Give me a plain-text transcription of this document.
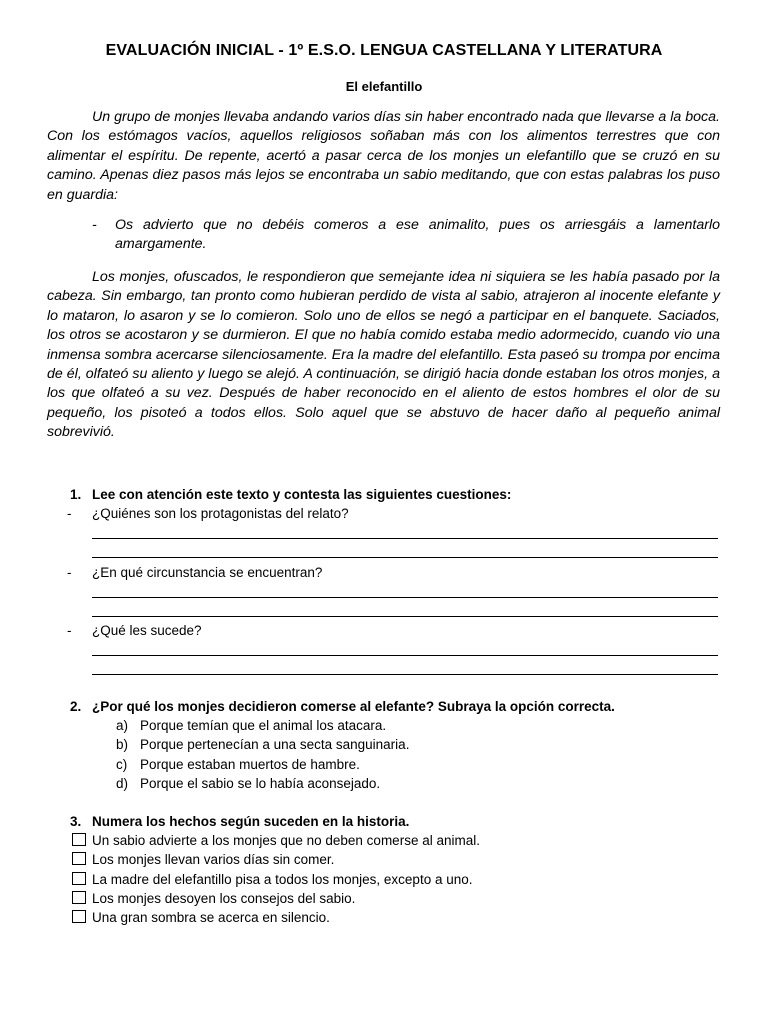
EVALUACIÓN INICIAL - 1º E.S.O. LENGUA CASTELLANA Y LITERATURA
El elefantillo
Un grupo de monjes llevaba andando varios días sin haber encontrado nada que llevarse a la boca. Con los estómagos vacíos, aquellos religiosos soñaban más con los alimentos terrestres que con alimentar el espíritu. De repente, acertó a pasar cerca de los monjes un elefantillo que se cruzó en su camino. Apenas diez pasos más lejos se encontraba un sabio meditando, que con estas palabras los puso en guardia:
- Os advierto que no debéis comeros a ese animalito, pues os arriesgáis a lamentarlo amargamente.
Los monjes, ofuscados, le respondieron que semejante idea ni siquiera se les había pasado por la cabeza. Sin embargo, tan pronto como hubieran perdido de vista al sabio, atrajeron al inocente elefante y lo mataron, lo asaron y se lo comieron. Solo uno de ellos se negó a participar en el banquete. Saciados, los otros se acostaron y se durmieron. El que no había comido estaba medio adormecido, cuando vio una inmensa sombra acercarse silenciosamente. Era la madre del elefantillo. Esta paseó su trompa por encima de él, olfateó su aliento y luego se alejó. A continuación, se dirigió hacia donde estaban los otros monjes, a los que olfateó a su vez. Después de haber reconocido en el aliento de estos hombres el olor de su pequeño, los pisoteó a todos ellos. Solo aquel que se abstuvo de hacer daño al pequeño animal sobrevivió.
1. Lee con atención este texto y contesta las siguientes cuestiones:
- ¿Quiénes son los protagonistas del relato?
- ¿En qué circunstancia se encuentran?
- ¿Qué les sucede?
2. ¿Por qué los monjes decidieron comerse al elefante? Subraya la opción correcta.
a) Porque temían que el animal los atacara.
b) Porque pertenecían a una secta sanguinaria.
c) Porque estaban muertos de hambre.
d) Porque el sabio se lo había aconsejado.
3. Numera los hechos según suceden en la historia.
Un sabio advierte a los monjes que no deben comerse al animal.
Los monjes llevan varios días sin comer.
La madre del elefantillo pisa a todos los monjes, excepto a uno.
Los monjes desoyen los consejos del sabio.
Una gran sombra se acerca en silencio.
